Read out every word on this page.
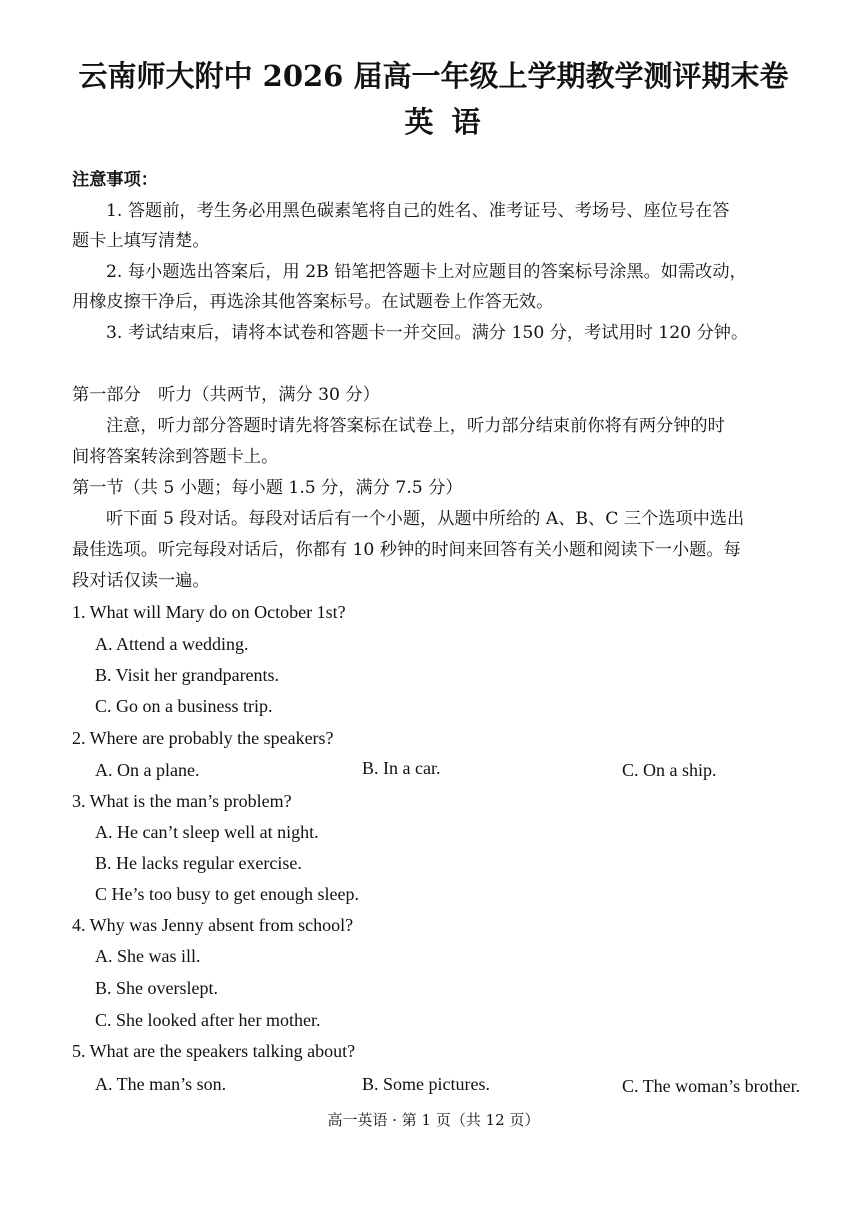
云南师大附中 2026 届高一年级上学期教学测评期末卷
英语
注意事项：
1. 答题前，考生务必用黑色碳素笔将自己的姓名、准考证号、考场号、座位号在答
题卡上填写清楚。
2. 每小题选出答案后，用 2B 铅笔把答题卡上对应题目的答案标号涂黑。如需改动，
用橡皮擦干净后，再选涂其他答案标号。在试题卷上作答无效。
3. 考试结束后，请将本试卷和答题卡一并交回。满分 150 分，考试用时 120 分钟。
第一部分　听力（共两节，满分 30 分）
注意，听力部分答题时请先将答案标在试卷上，听力部分结束前你将有两分钟的时
间将答案转涂到答题卡上。
第一节（共 5 小题；每小题 1.5 分，满分 7.5 分）
听下面 5 段对话。每段对话后有一个小题，从题中所给的 A、B、C 三个选项中选出
最佳选项。听完每段对话后，你都有 10 秒钟的时间来回答有关小题和阅读下一小题。每
段对话仅读一遍。
1. What will Mary do on October 1st?
A. Attend a wedding.
B. Visit her grandparents.
C. Go on a business trip.
2. Where are probably the speakers?
A. On a plane.	B. In a car.	C. On a ship.
3. What is the man’s problem?
A. He can’t sleep well at night.
B. He lacks regular exercise.
C He’s too busy to get enough sleep.
4. Why was Jenny absent from school?
A. She was ill.
B. She overslept.
C. She looked after her mother.
5. What are the speakers talking about?
A. The man’s son.	B. Some pictures.	C. The woman’s brother.
高一英语 · 第 1 页（共 12 页）
